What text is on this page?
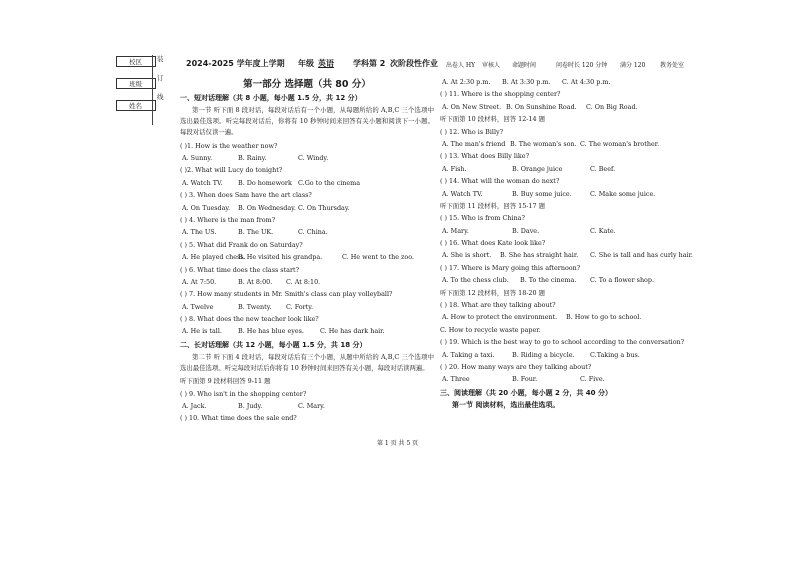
校区
班级
姓名
装
订
线
2024-2025 学年度上学期 年级 英语 学科第 2 次阶段性作业 出卷人 HY 审核人 命题时间	问卷时长 120 分钟 满分 120 教务处室
第一部分 选择题（共 80 分）
一、短对话理解（共 8 小题，每小题 1.5 分，共 12 分）
第一节 听下面 8 段对话，每段对话后有一个小题，从每题所给的 A,B,C 三个选项中选出最佳选项。听完每段对话后，你将有 10 秒钟时间来回答有关小题和阅读下一小题。每段对话仅读一遍。
( )1. How is the weather now?
A. Sunny.	B. Rainy.	C. Windy.
( )2. What will Lucy do tonight?
A. Watch TV. B. Do homework C.Go to the cinema
( ) 3. When does Sam have the art class?
A. On Tuesday. B. On Wednesday. C. On Thursday.
( ) 4. Where is the man from?
A. The US.	B. The UK.	C. China.
( ) 5. What did Frank do on Saturday?
A. He played chess.
B. He visited his grandpa.	C. He went to the zoo.
( ) 6. What time does the class start?
A. At 7:50.	B. At 8:00. C. At 8:10.
( ) 7. How many students in Mr. Smith's class can play volleyball?
A. Twelve	B. Twenty. C. Forty.
( ) 8. What does the new teacher look like?
A. He is tall.	B. He has blue eyes.	C. He has dark hair.
二、长对话理解（共 12 小题，每小题 1.5 分，共 18 分）
第二节 听下面 4 段对话，每段对话后有三个小题，从题中所给的 A,B,C 三个选项中选出最佳选项。听完每段对话后你将有 10 秒钟时间来回答有关小题，每段对话读两遍。
听下面第 9 段材料回答 9-11 题
( ) 9. Who isn't in the shopping center?
A. Jack.	B. Judy.	C. Mary.
( ) 10. What time does the sale end?
A. At 2:30 p.m. B. At 3:30 p.m. C. At 4:30 p.m.
( ) 11. Where is the shopping center?
A. On New Street. B. On Sunshine Road. C. On Big Road.
听下面第 10 段材料，回答 12-14 题
( ) 12. Who is Billy?
A. The man's friend B. The woman's son. C. The woman's brother.
( ) 13. What does Billy like?
A. Fish.	B. Orange juice	C. Beef.
( ) 14. What will the woman do next?
A. Watch TV.	B. Buy some juice.	C. Make some juice.
听下面第 11 段材料，回答 15-17 题
( ) 15. Who is from China?
A. Mary.	B. Dave.	C. Kate.
( ) 16. What does Kate look like?
A. She is short. B. She has straight hair. C. She is tall and has curly hair.
( ) 17. Where is Mary going this afternoon?
A. To the chess club. B. To the cinema. C. To a flower shop.
听下面第 12 段材料，回答 18-20 题
( ) 18. What are they talking about?
A. How to protect the environment. B. How to go to school.
C. How to recycle waste paper.
( ) 19. Which is the best way to go to school according to the conversation?
A. Taking a taxi.	B. Riding a bicycle. C.Taking a bus.
( ) 20. How many ways are they talking about?
A. Three	B. Four.	C. Five.
三、阅读理解（共 20 小题，每小题 2 分，共 40 分）
第一节 阅读材料，选出最佳选项。
第 1 页 共 5 页
